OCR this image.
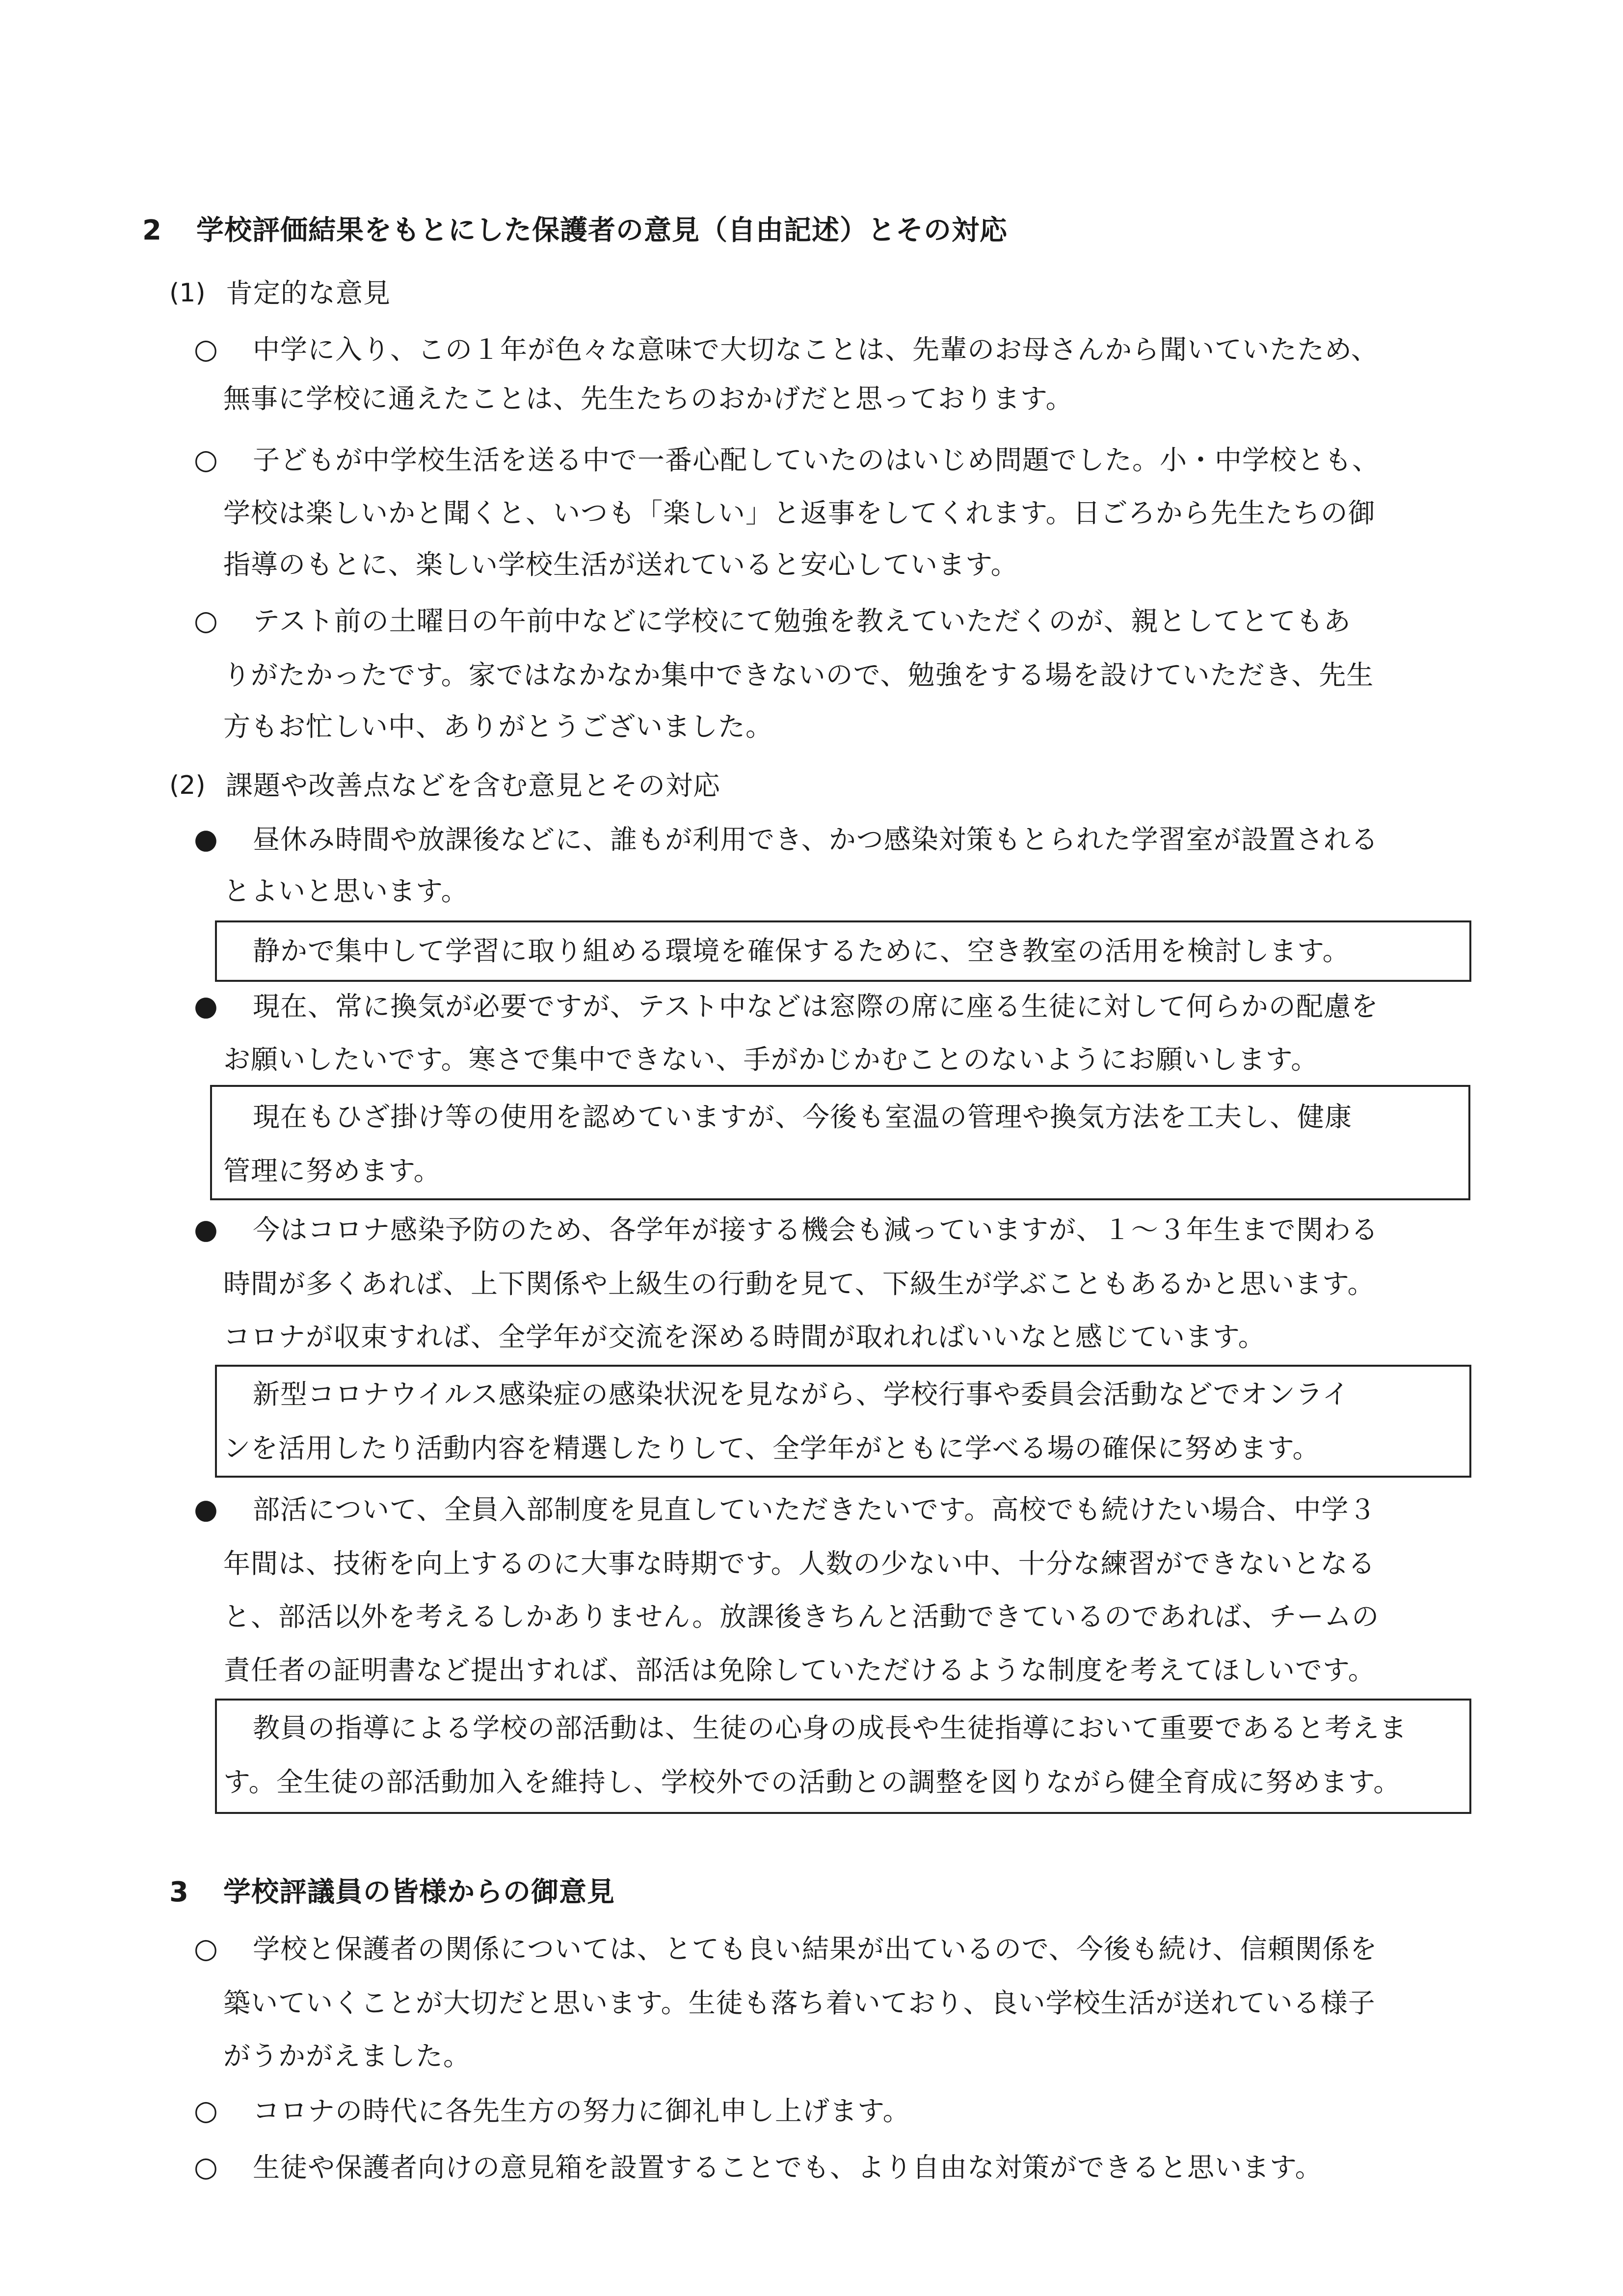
2 学校評価結果をもとにした保護者の意見（自由記述）とその対応
(1) 肯定的な意見
○ 中学に入り、この１年が色々な意味で大切なことは、先輩のお母さんから聞いていたため、
無事に学校に通えたことは、先生たちのおかげだと思っております。
○ 子どもが中学校生活を送る中で一番心配していたのはいじめ問題でした。小・中学校とも、
学校は楽しいかと聞くと、いつも「楽しい」と返事をしてくれます。日ごろから先生たちの御
指導のもとに、楽しい学校生活が送れていると安心しています。
○ テスト前の土曜日の午前中などに学校にて勉強を教えていただくのが、親としてとてもあ
りがたかったです。家ではなかなか集中できないので、勉強をする場を設けていただき、先生
方もお忙しい中、ありがとうございました。
(2) 課題や改善点などを含む意見とその対応
● 昼休み時間や放課後などに、誰もが利用でき、かつ感染対策もとられた学習室が設置される
とよいと思います。
静かで集中して学習に取り組める環境を確保するために、空き教室の活用を検討します。
● 現在、常に換気が必要ですが、テスト中などは窓際の席に座る生徒に対して何らかの配慮を
お願いしたいです。寒さで集中できない、手がかじかむことのないようにお願いします。
現在もひざ掛け等の使用を認めていますが、今後も室温の管理や換気方法を工夫し、健康
管理に努めます。
● 今はコロナ感染予防のため、各学年が接する機会も減っていますが、１～３年生まで関わる
時間が多くあれば、上下関係や上級生の行動を見て、下級生が学ぶこともあるかと思います。
コロナが収束すれば、全学年が交流を深める時間が取れればいいなと感じています。
新型コロナウイルス感染症の感染状況を見ながら、学校行事や委員会活動などでオンライ
ンを活用したり活動内容を精選したりして、全学年がともに学べる場の確保に努めます。
● 部活について、全員入部制度を見直していただきたいです。高校でも続けたい場合、中学３
年間は、技術を向上するのに大事な時期です。人数の少ない中、十分な練習ができないとなる
と、部活以外を考えるしかありません。放課後きちんと活動できているのであれば、チームの
責任者の証明書など提出すれば、部活は免除していただけるような制度を考えてほしいです。
教員の指導による学校の部活動は、生徒の心身の成長や生徒指導において重要であると考えま
す。全生徒の部活動加入を維持し、学校外での活動との調整を図りながら健全育成に努めます。
3 学校評議員の皆様からの御意見
○ 学校と保護者の関係については、とても良い結果が出ているので、今後も続け、信頼関係を
築いていくことが大切だと思います。生徒も落ち着いており、良い学校生活が送れている様子
がうかがえました。
○ コロナの時代に各先生方の努力に御礼申し上げます。
○ 生徒や保護者向けの意見箱を設置することでも、より自由な対策ができると思います。
